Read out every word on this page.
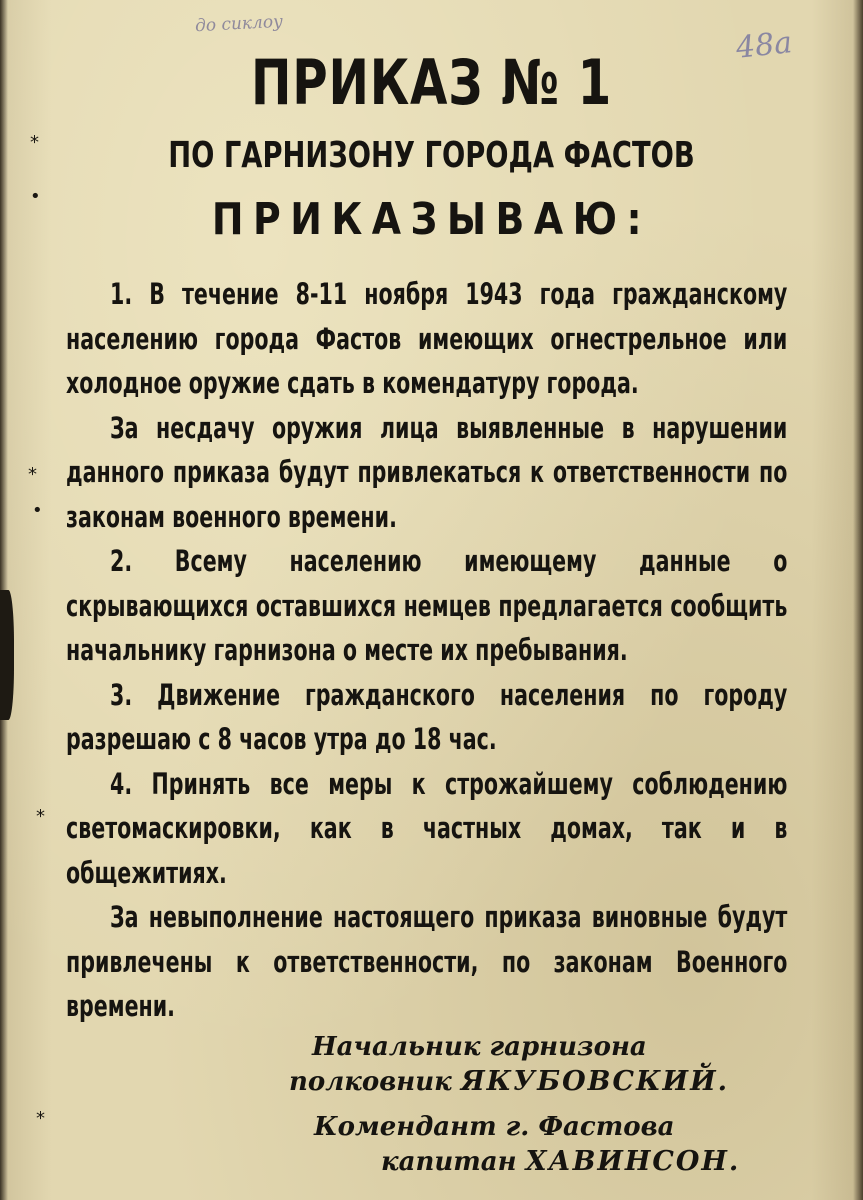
до сиклоу
48а
ПРИКАЗ № 1
ПО ГАРНИЗОНУ ГОРОДА ФАСТОВ
ПРИКАЗЫВАЮ:

1. В течение 8-11 ноября 1943 года гражданскому населению города Фастов имеющих огнестрельное или холодное оружие сдать в комендатуру города.

За несдачу оружия лица выявленные в нарушении данного приказа будут привлекаться к ответственности по законам военного времени.

2. Всему населению имеющему данные о скрывающихся оставшихся немцев предлагается сообщить начальнику гарнизона о месте их пребывания.

3. Движение гражданского населения по городу разрешаю с 8 часов утра до 18 час.

4. Принять все меры к строжайшему соблюдению светомаскировки, как в частных домах, так и в общежитиях.

За невыполнение настоящего приказа виновные будут привлечены к ответственности, по законам Военного времени.

Начальник гарнизона
полковник ЯКУБОВСКИЙ.
Комендант г. Фастова
капитан ХАВИНСОН.
*
•
*
•
*
*
